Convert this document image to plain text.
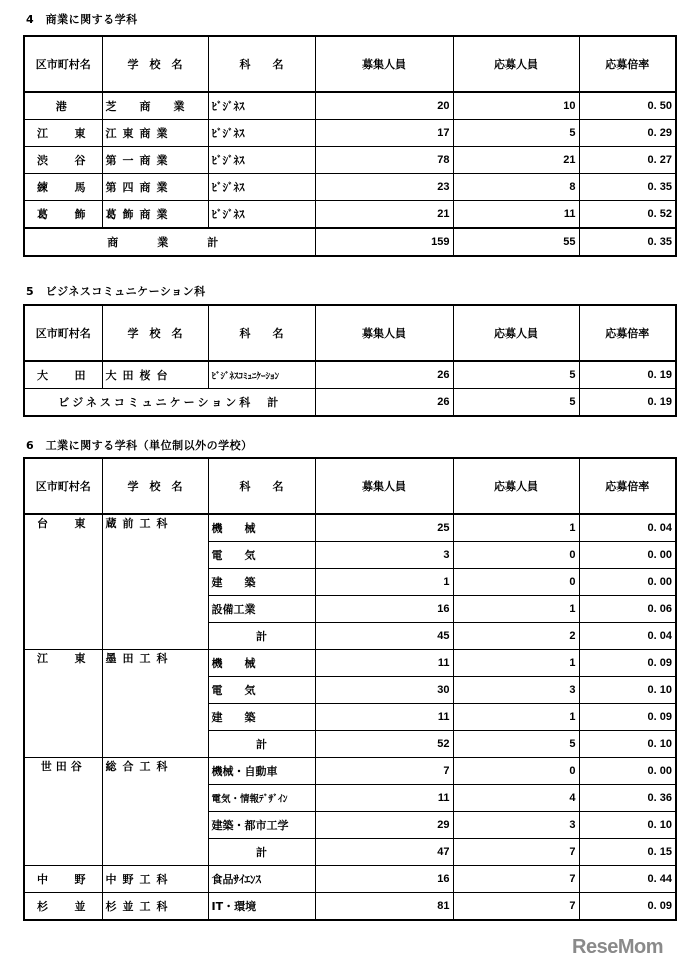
4　商業に関する学科
区市町村名	学　校　名	科　　名	募集人員	応募人員	応募倍率
港	芝　商　業	ﾋﾞｼﾞﾈｽ	20	10	0. 50
江東	江東商業	ﾋﾞｼﾞﾈｽ	17	5	0. 29
渋谷	第一商業	ﾋﾞｼﾞﾈｽ	78	21	0. 27
練馬	第四商業	ﾋﾞｼﾞﾈｽ	23	8	0. 35
葛飾	葛飾商業	ﾋﾞｼﾞﾈｽ	21	11	0. 52
商　業　計			159	55	0. 35
5　ビジネスコミュニケーション科
区市町村名	学　校　名	科　　名	募集人員	応募人員	応募倍率
大田	大田桜台	ﾋﾞｼﾞﾈｽｺﾐｭﾆｹｰｼｮﾝ	26	5	0. 19
ビジネスコミュニケーション科　計			26	5	0. 19
6　工業に関する学科（単位制以外の学校）
区市町村名	学　校　名	科　　名	募集人員	応募人員	応募倍率
台東	蔵前工科	機　　械	25	1	0. 04
		電　　気	3	0	0. 00
		建　　築	1	0	0. 00
		設備工業	16	1	0. 06
		計	45	2	0. 04
江東	墨田工科	機　　械	11	1	0. 09
		電　　気	30	3	0. 10
		建　　築	11	1	0. 09
		計	52	5	0. 10
世田谷	総合工科	機械・自動車	7	0	0. 00
		電気・情報ﾃﾞｻﾞｲﾝ	11	4	0. 36
		建築・都市工学	29	3	0. 10
		計	47	7	0. 15
中野	中野工科	食品ｻｲｴﾝｽ	16	7	0. 44
杉並	杉並工科	IT・環境	81	7	0. 09
ReseMom
